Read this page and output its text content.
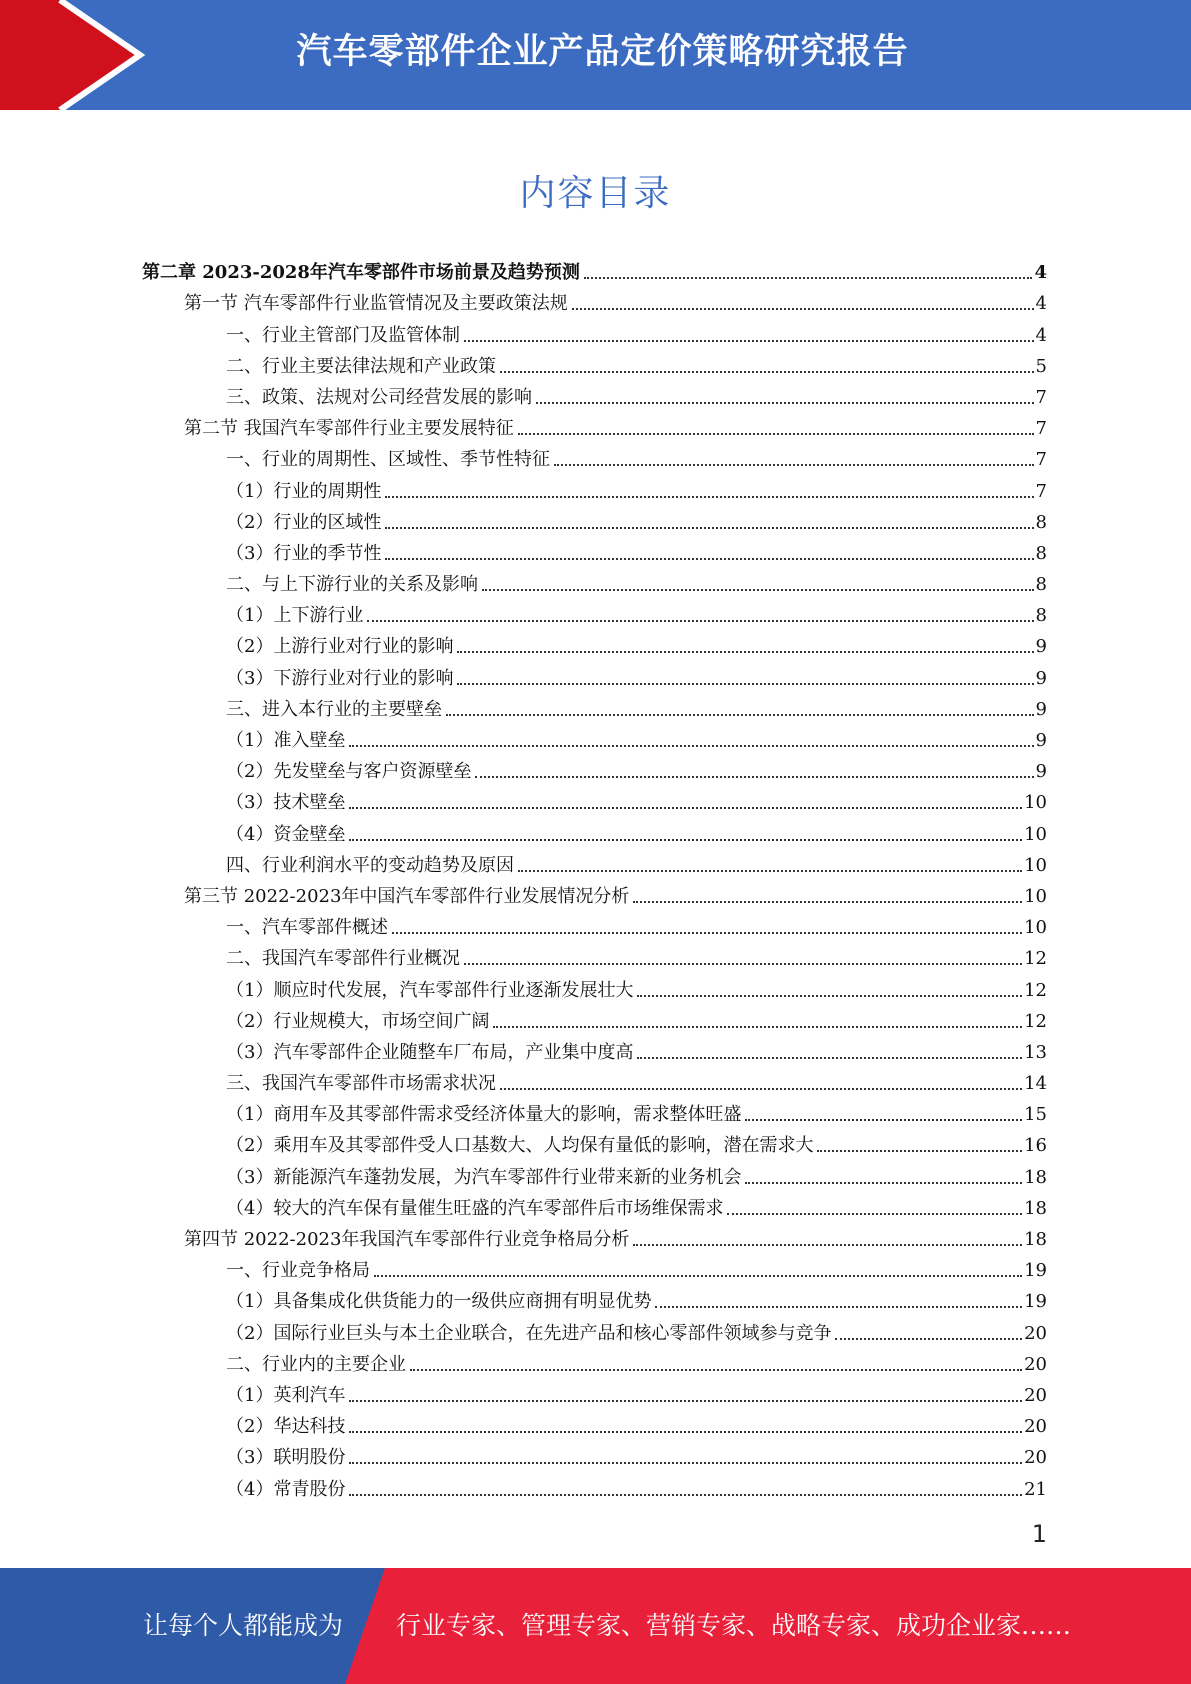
汽车零部件企业产品定价策略研究报告
内容目录
第二章 2023-2028年汽车零部件市场前景及趋势预测	4
第一节 汽车零部件行业监管情况及主要政策法规	4
一、行业主管部门及监管体制	4
二、行业主要法律法规和产业政策	5
三、政策、法规对公司经营发展的影响	7
第二节 我国汽车零部件行业主要发展特征	7
一、行业的周期性、区域性、季节性特征	7
（1）行业的周期性	7
（2）行业的区域性	8
（3）行业的季节性	8
二、与上下游行业的关系及影响	8
（1）上下游行业	8
（2）上游行业对行业的影响	9
（3）下游行业对行业的影响	9
三、进入本行业的主要壁垒	9
（1）准入壁垒	9
（2）先发壁垒与客户资源壁垒	9
（3）技术壁垒	10
（4）资金壁垒	10
四、行业利润水平的变动趋势及原因	10
第三节 2022-2023年中国汽车零部件行业发展情况分析	10
一、汽车零部件概述	10
二、我国汽车零部件行业概况	12
（1）顺应时代发展，汽车零部件行业逐渐发展壮大	12
（2）行业规模大，市场空间广阔	12
（3）汽车零部件企业随整车厂布局，产业集中度高	13
三、我国汽车零部件市场需求状况	14
（1）商用车及其零部件需求受经济体量大的影响，需求整体旺盛	15
（2）乘用车及其零部件受人口基数大、人均保有量低的影响，潜在需求大	16
（3）新能源汽车蓬勃发展，为汽车零部件行业带来新的业务机会	18
（4）较大的汽车保有量催生旺盛的汽车零部件后市场维保需求	18
第四节 2022-2023年我国汽车零部件行业竞争格局分析	18
一、行业竞争格局	19
（1）具备集成化供货能力的一级供应商拥有明显优势	19
（2）国际行业巨头与本土企业联合，在先进产品和核心零部件领域参与竞争	20
二、行业内的主要企业	20
（1）英利汽车	20
（2）华达科技	20
（3）联明股份	20
（4）常青股份	21
1
让每个人都能成为 行业专家、管理专家、营销专家、战略专家、成功企业家……
